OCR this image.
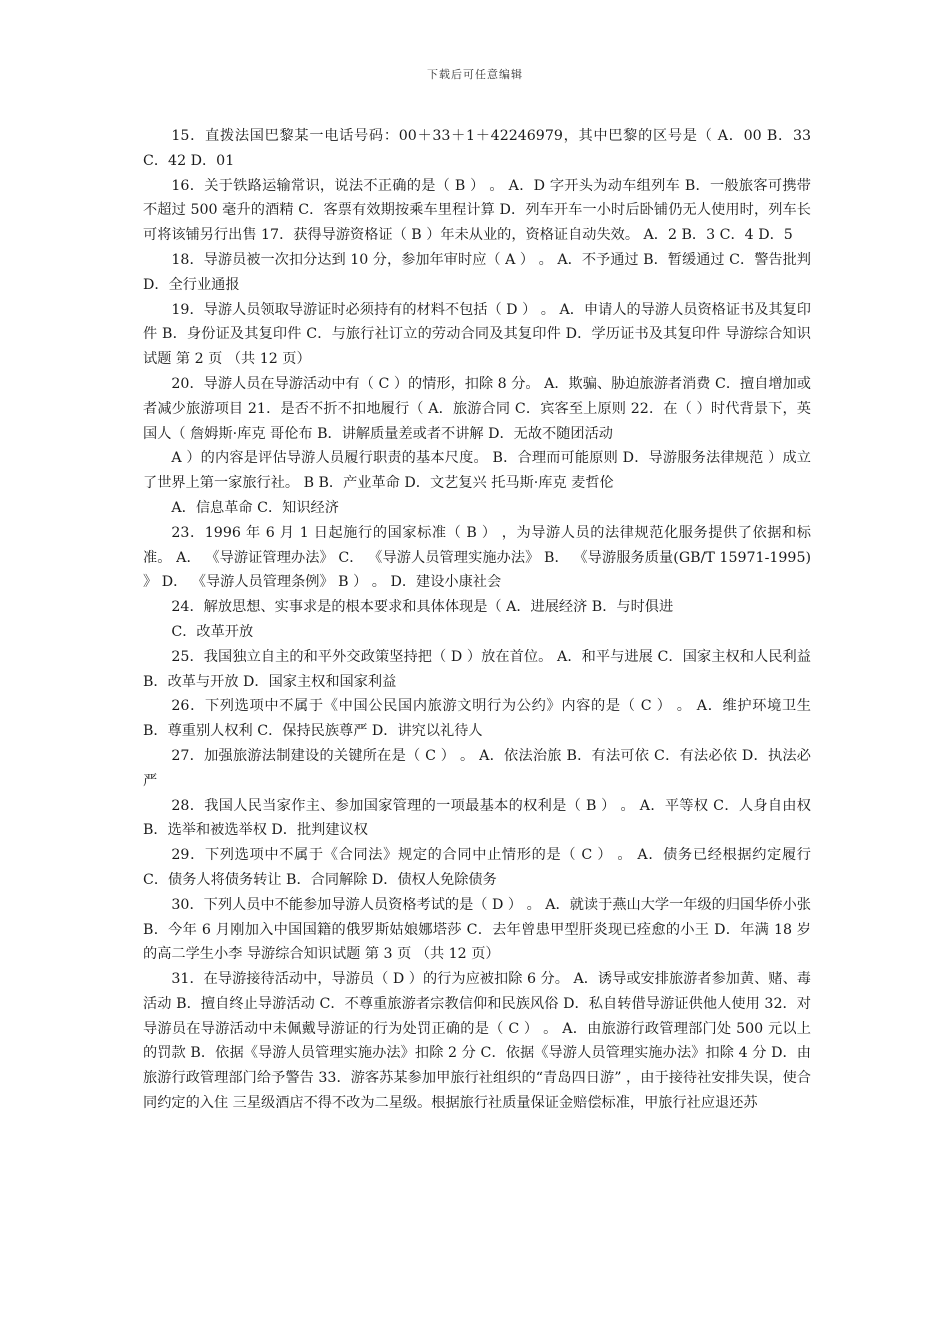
下载后可任意编辑

15．直拨法国巴黎某一电话号码：00＋33＋1＋42246979，其中巴黎的区号是（ A．00 B．33 C．42 D．01

16．关于铁路运输常识，说法不正确的是（ B ） 。 A．D 字开头为动车组列车 B．一般旅客可携带不超过 500 毫升的酒精 C．客票有效期按乘车里程计算 D．列车开车一小时后卧铺仍无人使用时，列车长可将该铺另行出售 17．获得导游资格证（ B ）年未从业的，资格证自动失效。 A．2 B．3 C．4 D．5

18．导游员被一次扣分达到 10 分，参加年审时应（ A ） 。 A．不予通过 B．暂缓通过 C．警告批判 D．全行业通报

19．导游人员领取导游证时必须持有的材料不包括（ D ） 。 A．申请人的导游人员资格证书及其复印件 B．身份证及其复印件 C．与旅行社订立的劳动合同及其复印件 D．学历证书及其复印件 导游综合知识试题 第 2 页 （共 12 页）

20．导游人员在导游活动中有（ C ）的情形，扣除 8 分。 A．欺骗、胁迫旅游者消费 C．擅自增加或者减少旅游项目 21．是否不折不扣地履行（ A．旅游合同 C．宾客至上原则 22．在（ ）时代背景下，英国人（ 詹姆斯·库克 哥伦布 B．讲解质量差或者不讲解 D．无故不随团活动

A ）的内容是评估导游人员履行职责的基本尺度。 B．合理而可能原则 D．导游服务法律规范 ）成立了世界上第一家旅行社。 B B．产业革命 D．文艺复兴 托马斯·库克 麦哲伦

A．信息革命 C．知识经济

23．1996 年 6 月 1 日起施行的国家标准（ B ） ，为导游人员的法律规范化服务提供了依据和标准。 A． 《导游证管理办法》 C． 《导游人员管理实施办法》 B． 《导游服务质量(GB/T 15971-1995) 》 D． 《导游人员管理条例》 B ） 。 D．建设小康社会

24．解放思想、实事求是的根本要求和具体体现是（ A．进展经济 B．与时俱进

C．改革开放

25．我国独立自主的和平外交政策坚持把（ D ）放在首位。 A．和平与进展 C．国家主权和人民利益 B．改革与开放 D．国家主权和国家利益

26．下列选项中不属于《中国公民国内旅游文明行为公约》内容的是（ C ） 。 A．维护环境卫生 B．尊重别人权利 C．保持民族尊严 D．讲究以礼待人

27．加强旅游法制建设的关键所在是（ C ） 。 A．依法治旅 B．有法可依 C．有法必依 D．执法必严

28．我国人民当家作主、参加国家管理的一项最基本的权利是（ B ） 。 A．平等权 C．人身自由权 B．选举和被选举权 D．批判建议权

29．下列选项中不属于《合同法》规定的合同中止情形的是（ C ） 。 A．债务已经根据约定履行 C．债务人将债务转让 B．合同解除 D．债权人免除债务

30．下列人员中不能参加导游人员资格考试的是（ D ） 。 A．就读于燕山大学一年级的归国华侨小张 B．今年 6 月刚加入中国国籍的俄罗斯姑娘娜塔莎 C．去年曾患甲型肝炎现已痊愈的小王 D．年满 18 岁的高二学生小李 导游综合知识试题 第 3 页 （共 12 页）

31．在导游接待活动中，导游员（ D ）的行为应被扣除 6 分。 A．诱导或安排旅游者参加黄、赌、毒活动 B．擅自终止导游活动 C．不尊重旅游者宗教信仰和民族风俗 D．私自转借导游证供他人使用 32．对导游员在导游活动中未佩戴导游证的行为处罚正确的是（ C ） 。 A．由旅游行政管理部门处 500 元以上的罚款 B．依据《导游人员管理实施办法》扣除 2 分 C．依据《导游人员管理实施办法》扣除 4 分 D．由旅游行政管理部门给予警告 33．游客苏某参加甲旅行社组织的“青岛四日游” ，由于接待社安排失误，使合同约定的入住 三星级酒店不得不改为二星级。根据旅行社质量保证金赔偿标准，甲旅行社应退还苏
